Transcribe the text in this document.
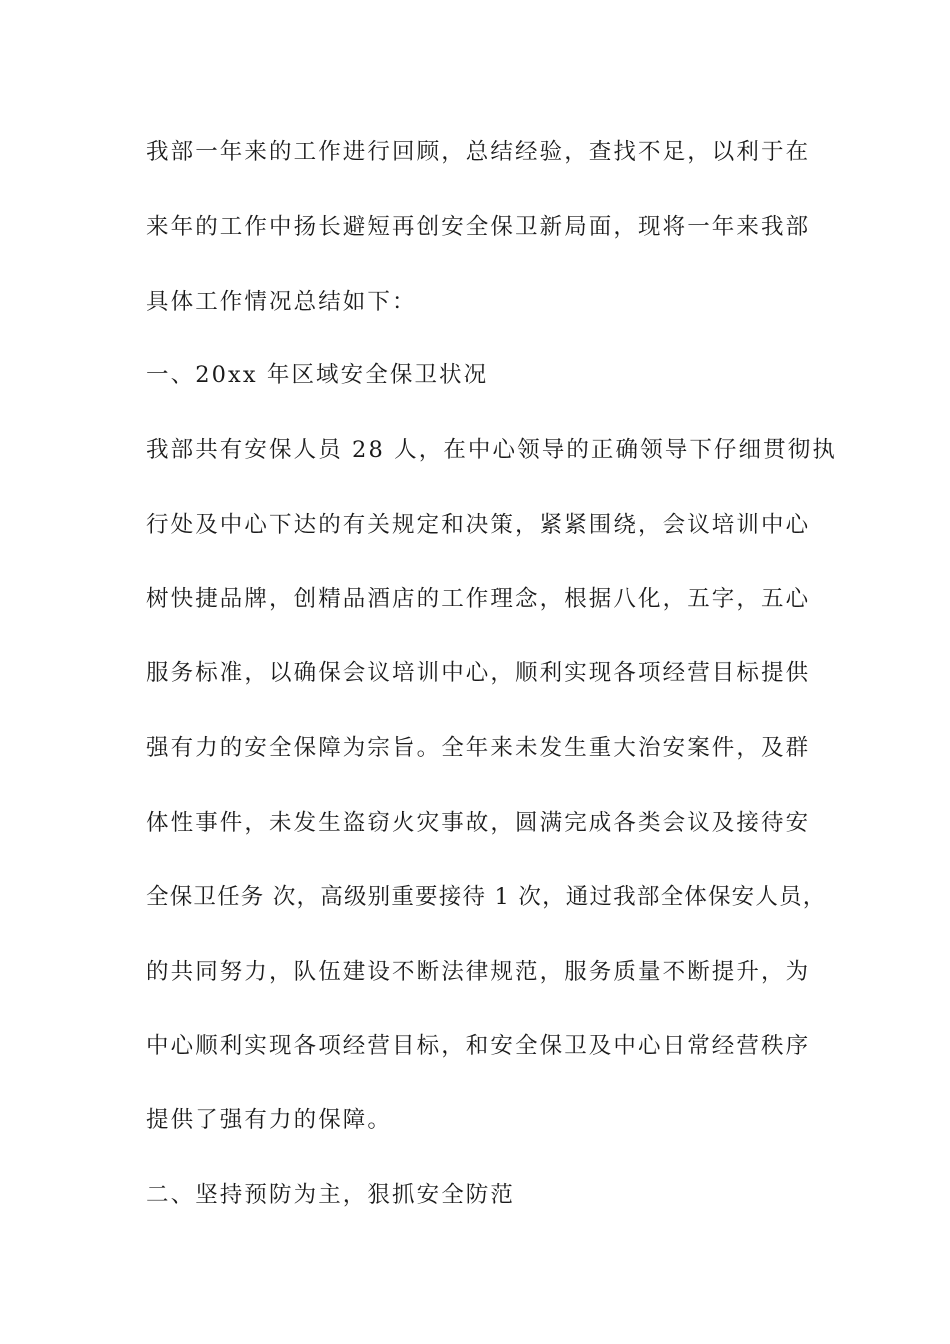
我部一年来的工作进行回顾，总结经验，查找不足，以利于在
来年的工作中扬长避短再创安全保卫新局面，现将一年来我部
具体工作情况总结如下：
一、20xx 年区域安全保卫状况
我部共有安保人员 28 人，在中心领导的正确领导下仔细贯彻执
行处及中心下达的有关规定和决策，紧紧围绕，会议培训中心
树快捷品牌，创精品酒店的工作理念，根据八化，五字，五心
服务标准，以确保会议培训中心，顺利实现各项经营目标提供
强有力的安全保障为宗旨。全年来未发生重大治安案件，及群
体性事件，未发生盗窃火灾事故，圆满完成各类会议及接待安
全保卫任务 次，高级别重要接待 1 次，通过我部全体保安人员，
的共同努力，队伍建设不断法律规范，服务质量不断提升，为
中心顺利实现各项经营目标，和安全保卫及中心日常经营秩序
提供了强有力的保障。
二、坚持预防为主，狠抓安全防范
